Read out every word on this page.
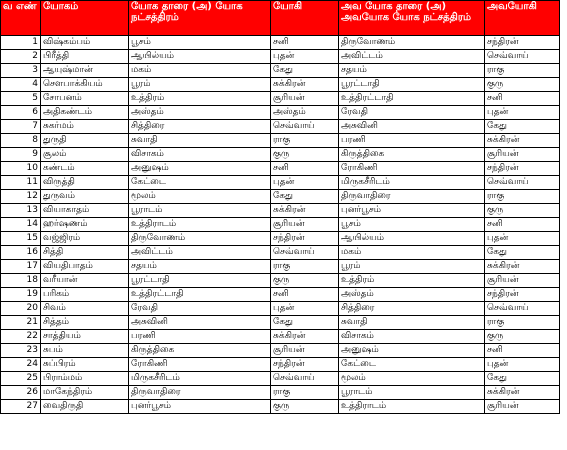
வ எண்	யோகம்	யோக தாரை (அ) யோக நட்சத்திரம்	யோகி	அவ யோக தாரை (அ) அவயோக யோக நட்சத்திரம்	அவயோகி
1	விஷ்கம்பம்	பூசம்	சனி	திருவோணம்	சந்திரன்
2	பிரீத்தி	ஆயில்யம்	புதன்	அவிட்டம்	செவ்வாய்
3	ஆயுஷ்மான்	மகம்	கேது	சதயம்	ராகு
4	சௌபாக்கியம்	பூரம்	சுக்கிரன்	பூரட்டாதி	குரு
5	சோபனம்	உத்திரம்	சூரியன்	உத்திரட்டாதி	சனி
6	அதிகண்டம்	அஸ்தம்	அஸ்தம்	ரேவதி	புதன்
7	சுகர்மம்	சித்திரை	செவ்வாய்	அசுவினி	கேது
8	துருதி	சுவாதி	ராகு	பரணி	சுக்கிரன்
9	சூலம்	விசாகம்	குரு	கிருத்திகை	சூரியன்
10	கண்டம்	அனுஷம்	சனி	ரோகிணி	சந்திரன்
11	விருத்தி	கேட்டை	புதன்	மிருகசீரிடம்	செவ்வாய்
12	துருவம்	மூலம்	கேது	திருவாதிரை	ராகு
13	வியாகாதம்	பூராடம்	சுக்கிரன்	புனர்பூசம்	குரு
14	ஹர்ஷணம்	உத்திராடம்	சூரியன்	பூசம்	சனி
15	வஜ்ஜிரம்	திருவோணம்	சந்திரன்	ஆயில்யம்	புதன்
16	சித்தி	அவிட்டம்	செவ்வாய்	மகம்	கேது
17	வியதிபாதம்	சதயம்	ராகு	பூரம்	சுக்கிரன்
18	வரீயான்	பூரட்டாதி	குரு	உத்திரம்	சூரியன்
19	பரிகம்	உத்திரட்டாதி	சனி	அஸ்தம்	சந்திரன்
20	சிவம்	ரேவதி	புதன்	சித்திரை	செவ்வாய்
21	சித்தம்	அசுவினி	கேது	சுவாதி	ராகு
22	சாத்தியம்	பரணி	சுக்கிரன்	விசாகம்	குரு
23	சுபம்	கிருத்திகை	சூரியன்	அனுஷம்	சனி
24	சுப்பிரம்	ரோகிணி	சந்திரன்	கேட்டை	புதன்
25	பிராம்மம்	மிருகசீரிடம்	செவ்வாய்	மூலம்	கேது
26	மாகேந்திரம்	திருவாதிரை	ராகு	பூராடம்	சுக்கிரன்
27	வைதிருதி	புனர்பூசம்	குரு	உத்திராடம்	சூரியன்
